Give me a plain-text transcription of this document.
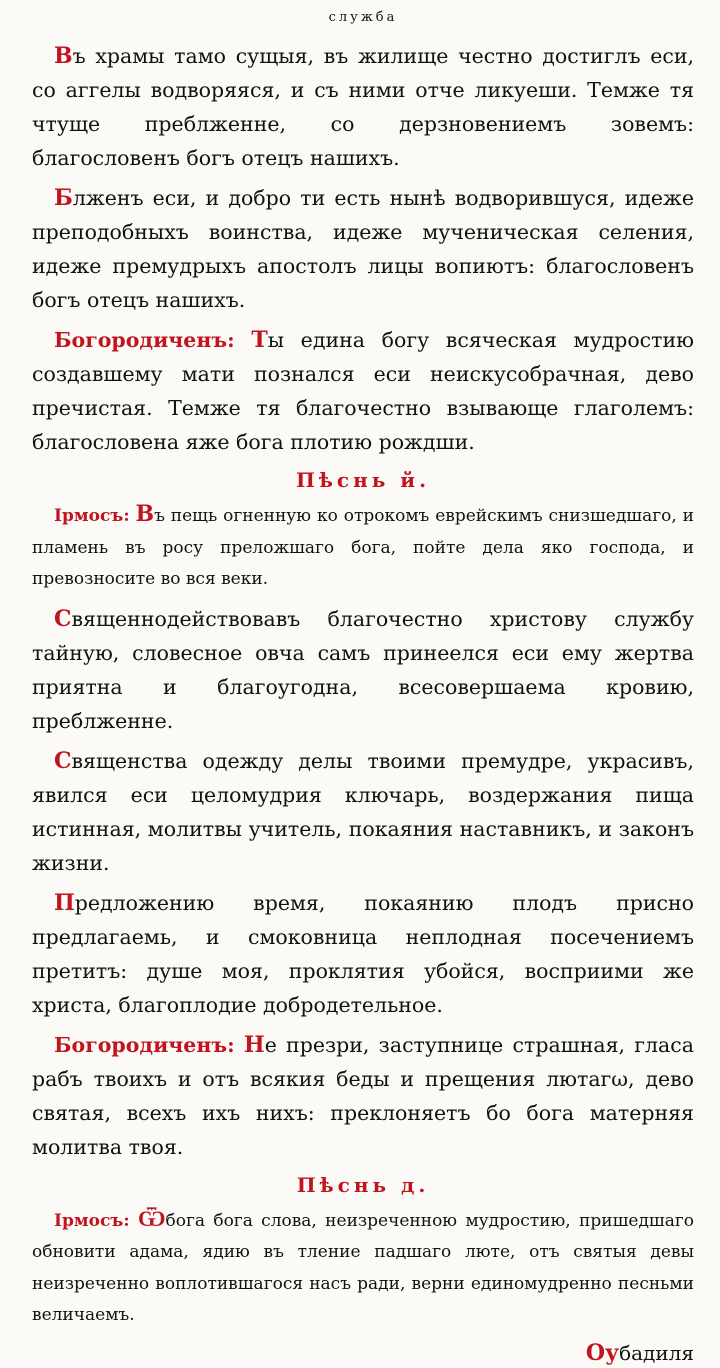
служба

Въ храмы тамо сущыя, въ жилище честно достиглъ еси, со аггелы водворяяся, и съ ними отче ликуеши. Темже тя чтуще преблженне, со дерзновениемъ зовемъ: благословенъ богъ отецъ нашихъ.

Блженъ еси, и добро ти есть нынѣ водворившуся, идеже преподобныхъ воинства, идеже мученическая селения, идеже премудрыхъ апостолъ лицы вопиютъ: благословенъ богъ отецъ нашихъ.

Богородиченъ: Ты едина богу всяческая мудростию создавшему мати познался еси неискусобрачная, дево пречистая. Темже тя благочестно взывающе глаголемъ: благословена яже бога плотию рождши.

Пѣснь й.

Ірмосъ: Въ пещь огненную ко отрокомъ еврейскимъ снизшедшаго, и пламень въ росу преложшаго бога, пойте дела яко господа, и превозносите во вся веки.

Священнодействовавъ благочестно христову службу тайную, словесное овча самъ принеелся еси ему жертва приятна и благоугодна, всесовершаема кровию, преблженне.

Священства одежду делы твоими премудре, украсивъ, явился еси целомудрия ключарь, воздержания пища истинная, молитвы учитель, покаяния наставникъ, и законъ жизни.

Предложению время, покаянию плодъ присно предлагаемь, и смоковница неплодная посечениемъ претитъ: душе моя, проклятия убойся, восприими же христа, благоплодие добродетельное.

Богородиченъ: Не презри, заступнице страшная, гласа рабъ твоихъ и отъ всякия беды и прещения лютагω, дево святая, всехъ ихъ нихъ: преклоняетъ бо бога матерняя молитва твоя.

Пѣснь д.

Ірмосъ: Ѿбога бога слова, неизреченною мудростию, пришедшаго обновити адама, ядию въ тление падшаго люте, отъ святыя девы неизреченно воплотившагося насъ ради, верни единомудренно песньми величаемъ.

Оубадиля
